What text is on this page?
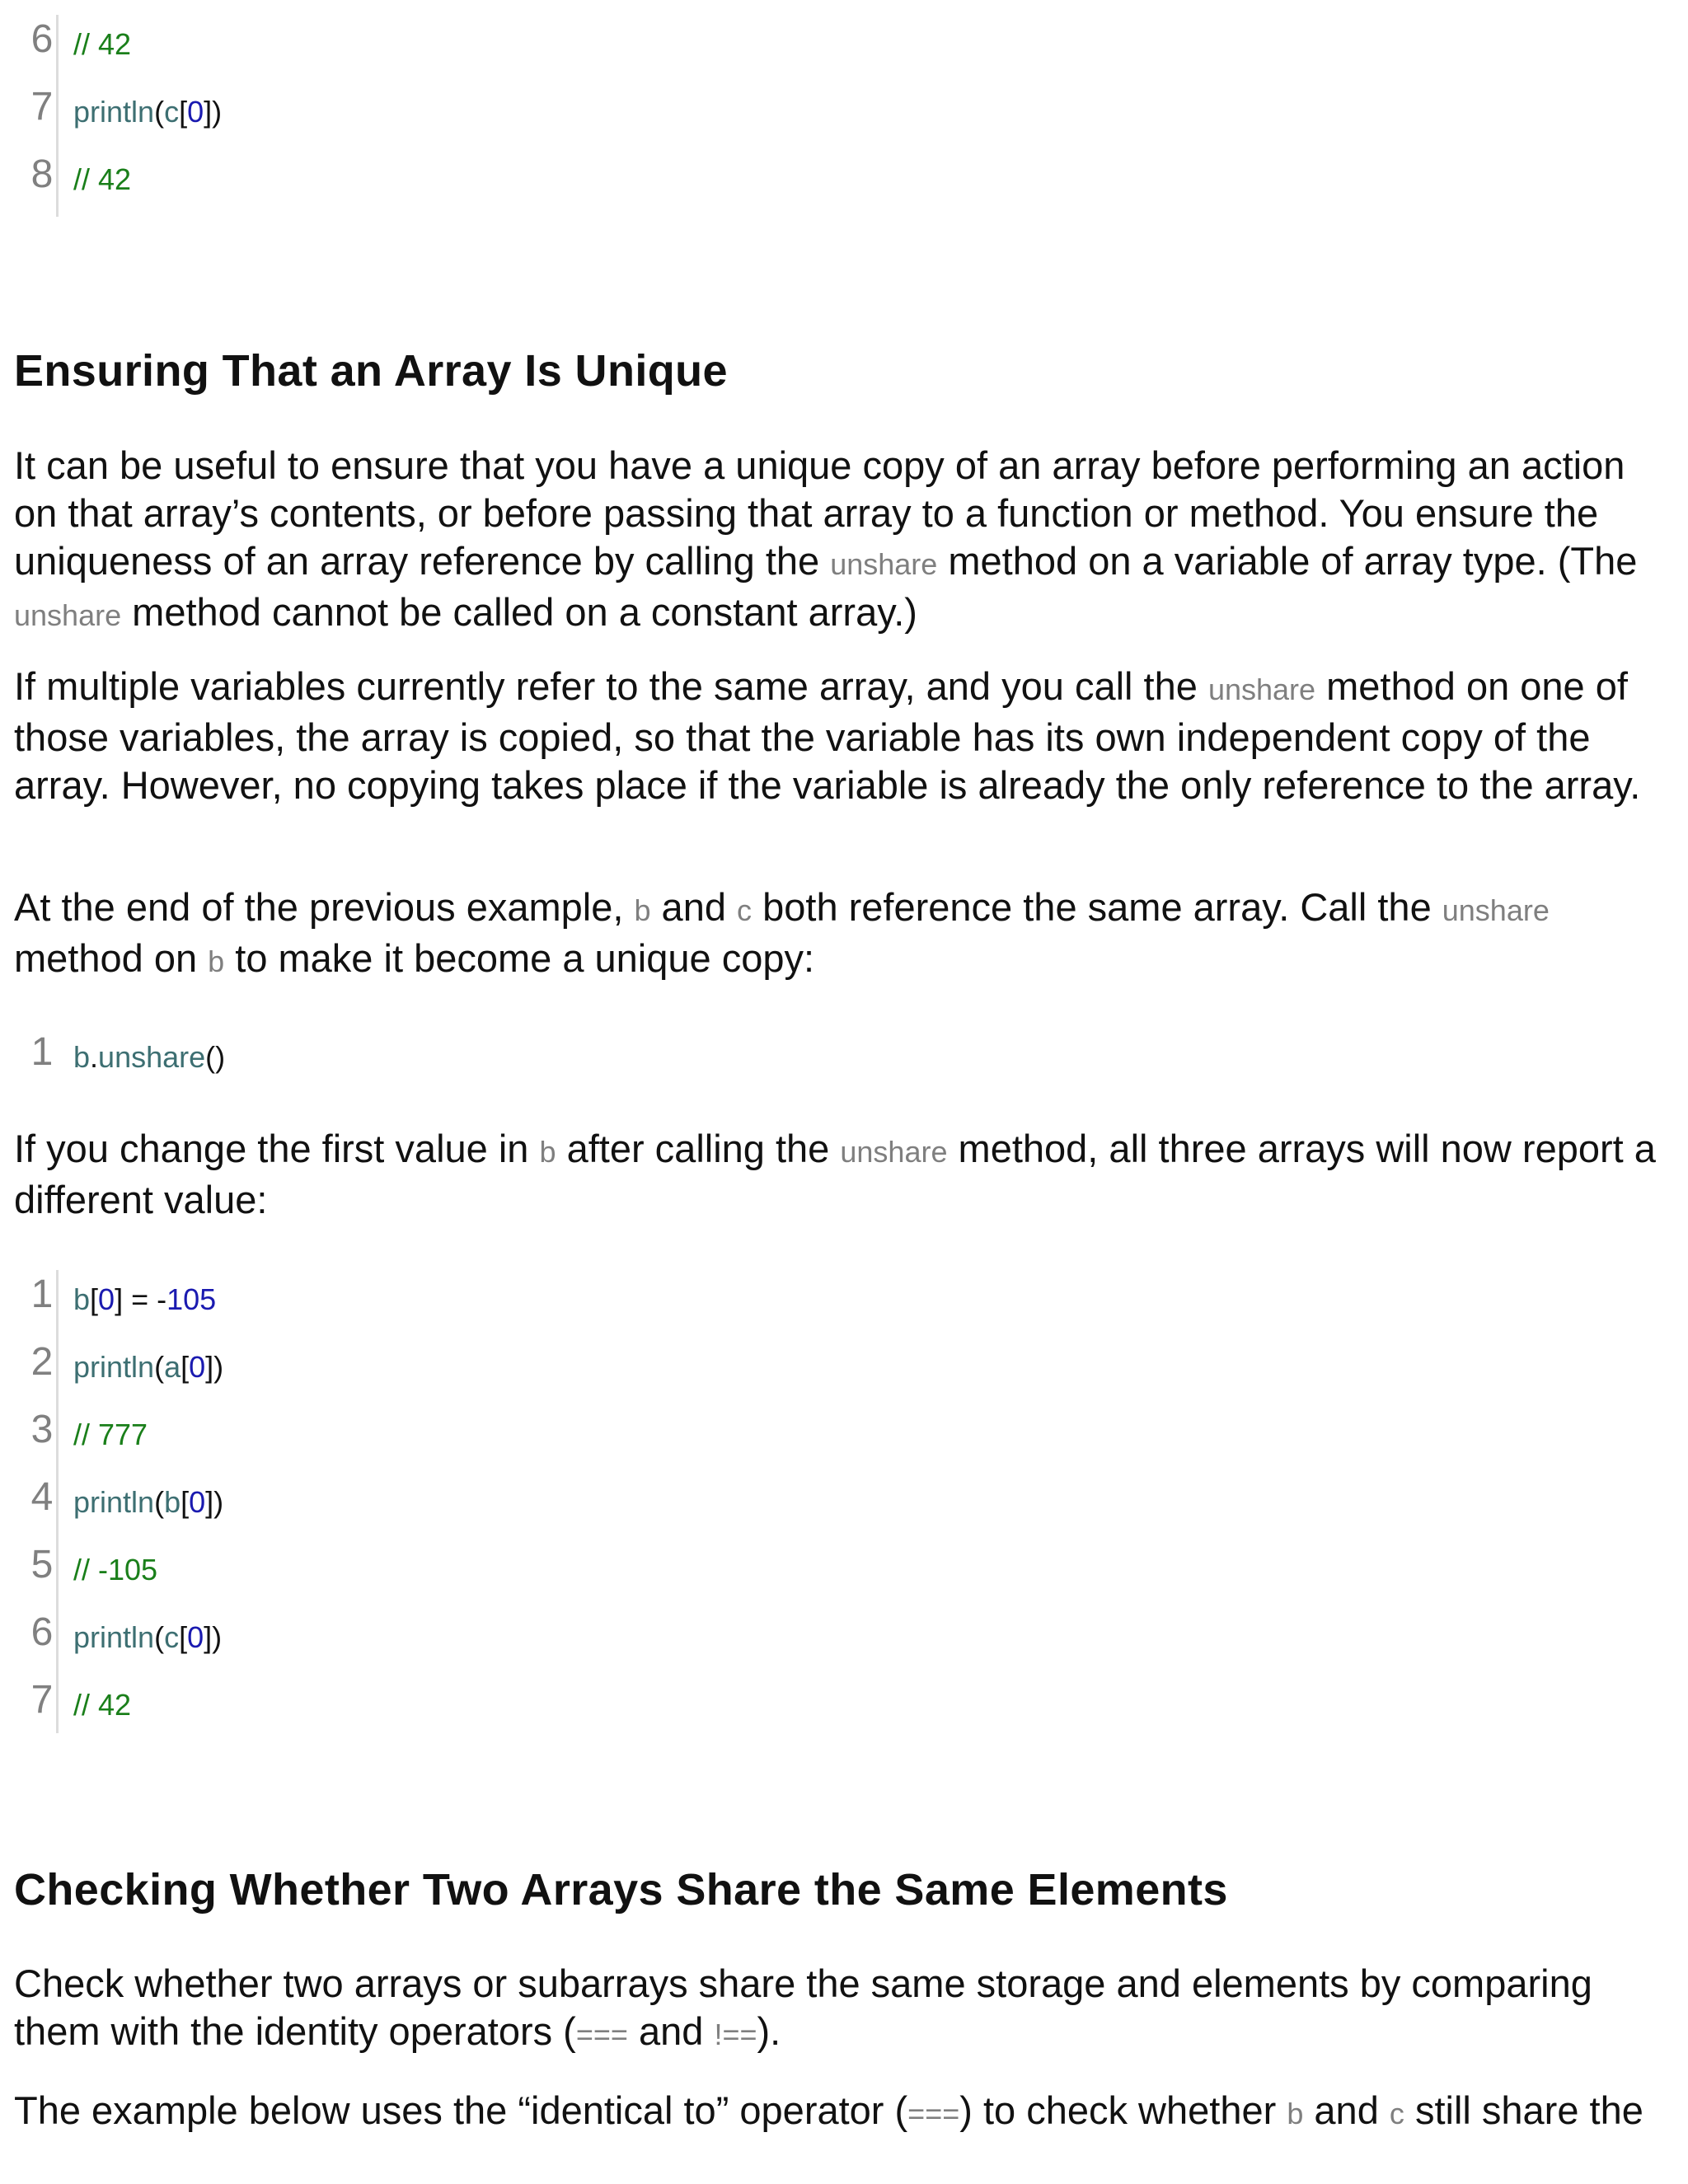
6 // 42
7 println(c[0])
8 // 42
Ensuring That an Array Is Unique

It can be useful to ensure that you have a unique copy of an array before performing an action on that array’s contents, or before passing that array to a function or method. You ensure the uniqueness of an array reference by calling the unshare method on a variable of array type. (The unshare method cannot be called on a constant array.)

If multiple variables currently refer to the same array, and you call the unshare method on one of those variables, the array is copied, so that the variable has its own independent copy of the array. However, no copying takes place if the variable is already the only reference to the array.

At the end of the previous example, b and c both reference the same array. Call the unshare method on b to make it become a unique copy:

1 b.unshare()

If you change the first value in b after calling the unshare method, all three arrays will now report a different value:

1 b[0] = -105
2 println(a[0])
3 // 777
4 println(b[0])
5 // -105
6 println(c[0])
7 // 42
Checking Whether Two Arrays Share the Same Elements

Check whether two arrays or subarrays share the same storage and elements by comparing them with the identity operators (=== and !==).

The example below uses the “identical to” operator (===) to check whether b and c still share the
